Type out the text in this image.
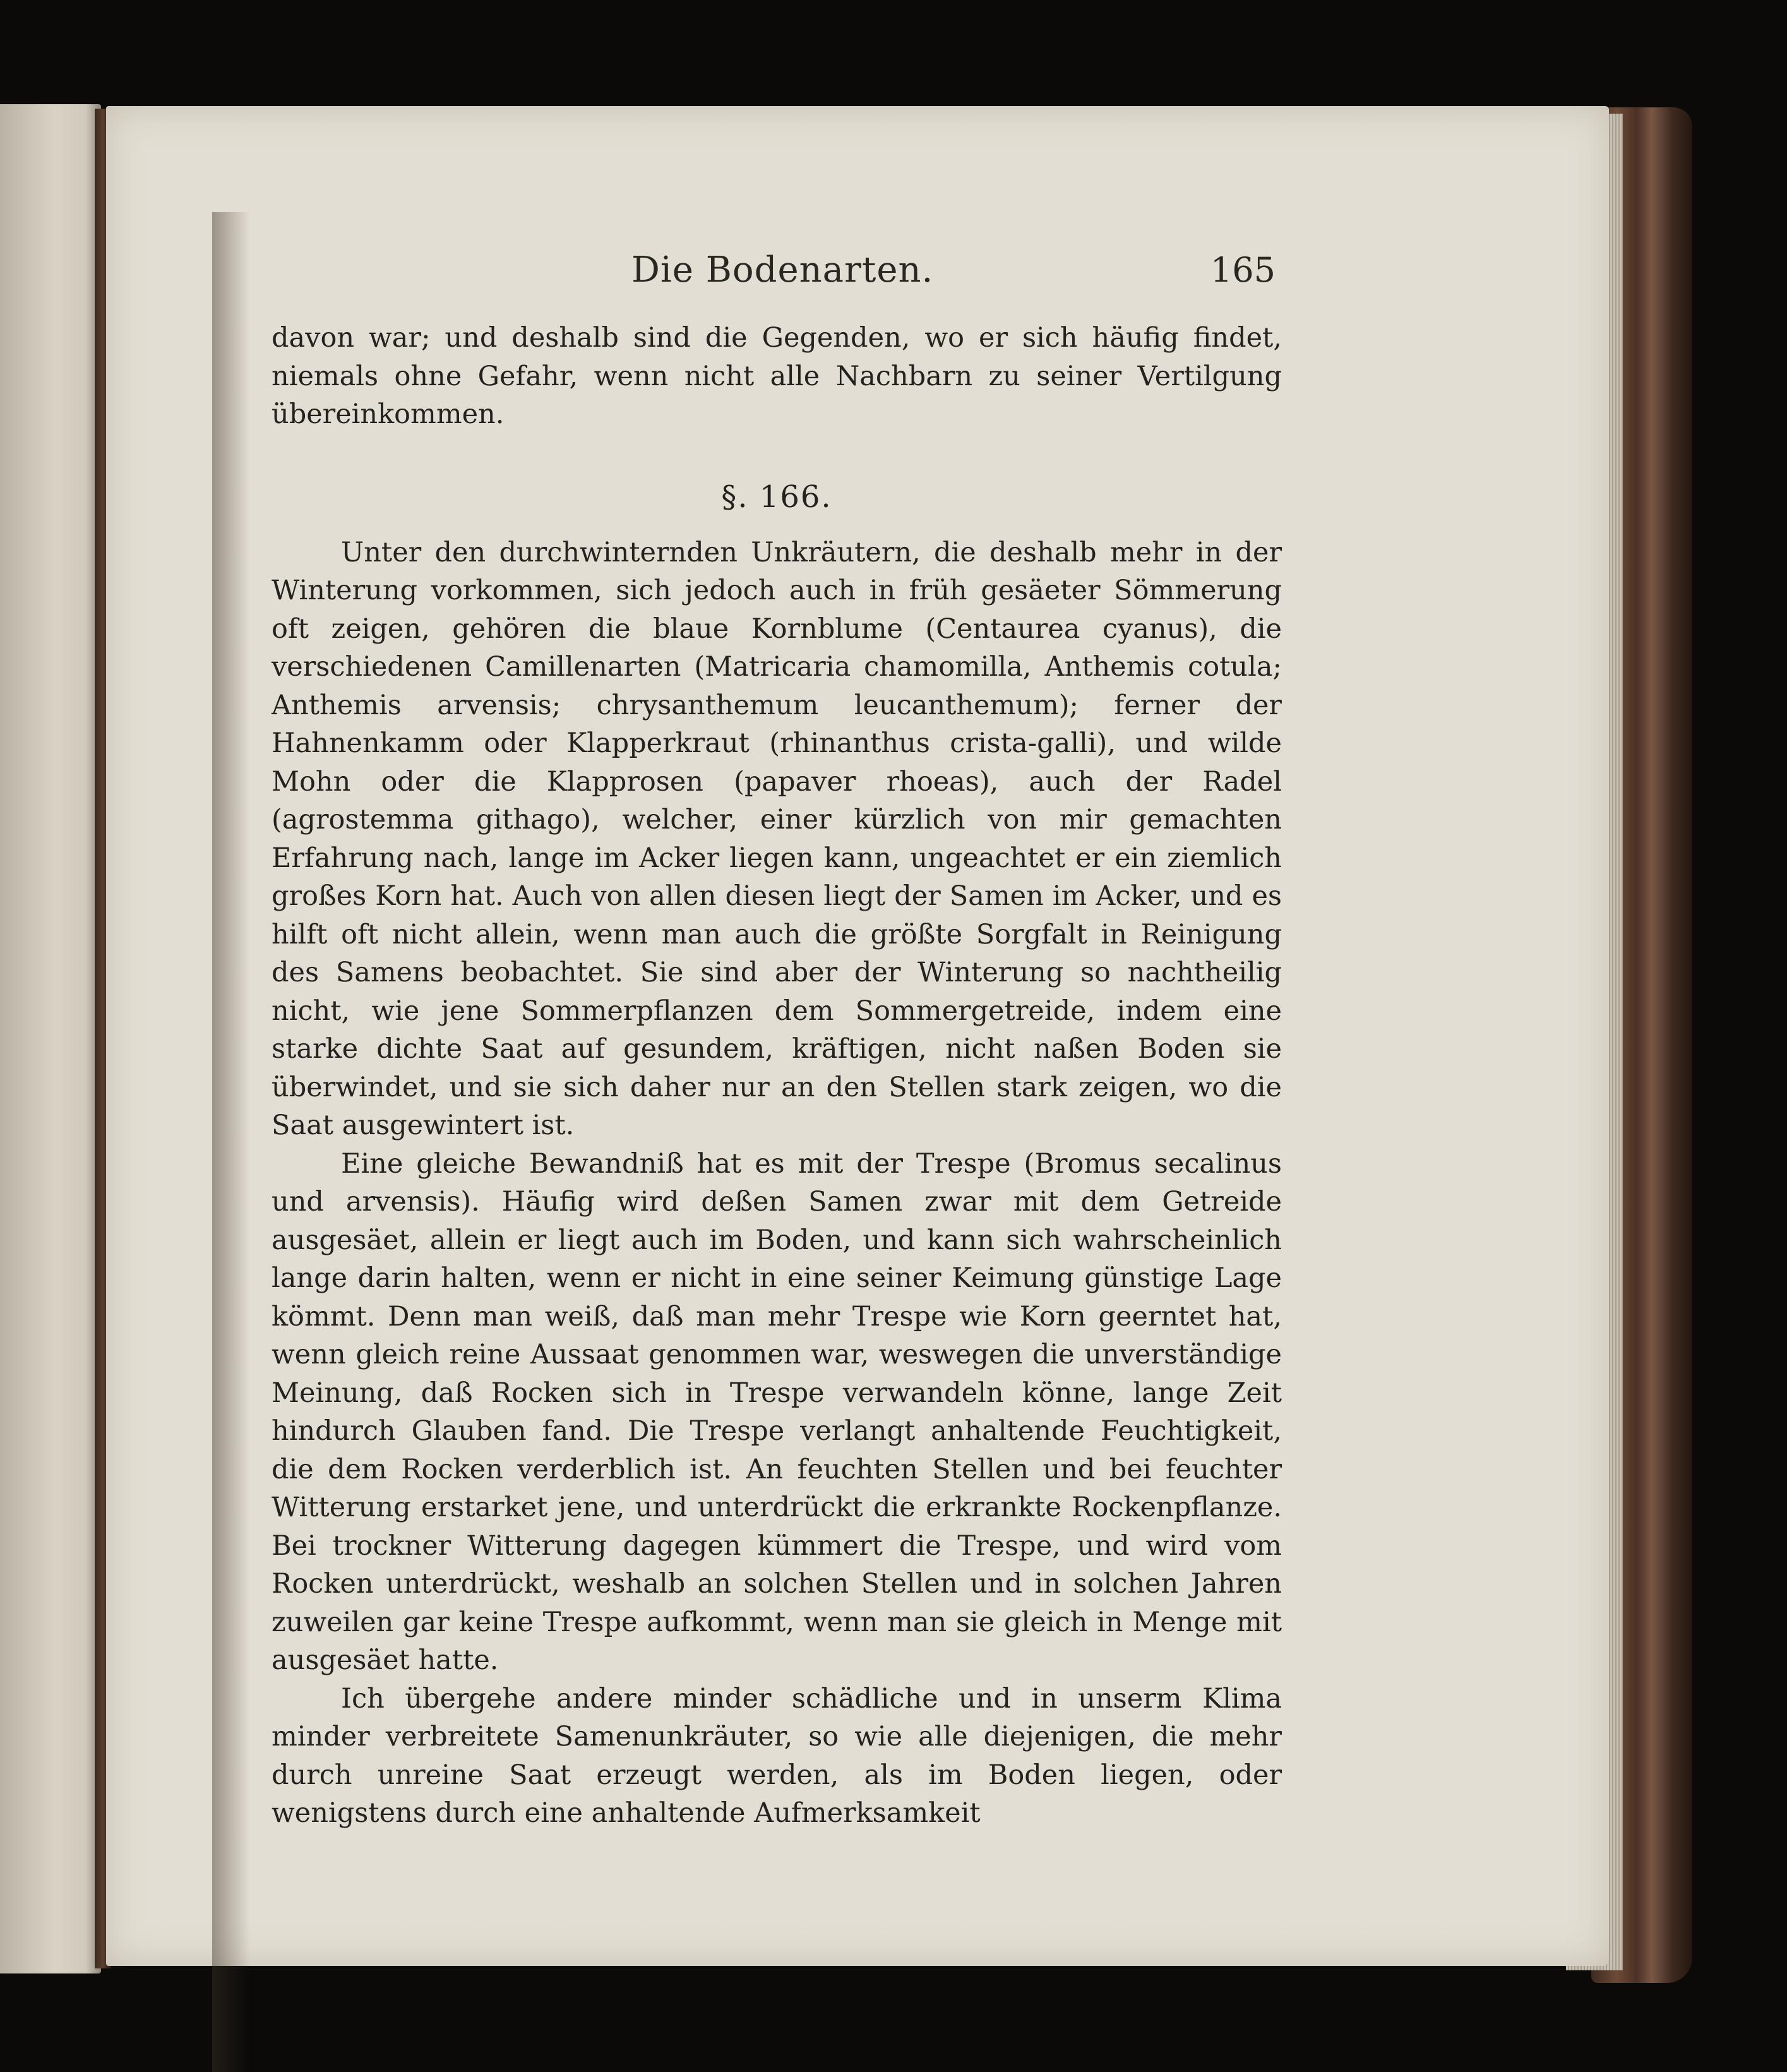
Die Bodenarten.	165

davon war; und deshalb sind die Gegenden, wo er sich häufig findet, niemals ohne Gefahr, wenn nicht alle Nachbarn zu seiner Vertilgung übereinkommen.

§. 166.

Unter den durchwinternden Unkräutern, die deshalb mehr in der Winterung vorkommen, sich jedoch auch in früh gesäeter Sömmerung oft zeigen, gehören die blaue Kornblume (Centaurea cyanus), die verschiedenen Camillenarten (Matricaria chamomilla, Anthemis cotula; Anthemis arvensis; chrysanthemum leucanthemum); ferner der Hahnenkamm oder Klapperkraut (rhinanthus crista-galli), und wilde Mohn oder die Klapprosen (papaver rhoeas), auch der Radel (agrostemma githago), welcher, einer kürzlich von mir gemachten Erfahrung nach, lange im Acker liegen kann, ungeachtet er ein ziemlich großes Korn hat. Auch von allen diesen liegt der Samen im Acker, und es hilft oft nicht allein, wenn man auch die größte Sorgfalt in Reinigung des Samens beobachtet. Sie sind aber der Winterung so nachtheilig nicht, wie jene Sommerpflanzen dem Sommergetreide, indem eine starke dichte Saat auf gesundem, kräftigen, nicht naßen Boden sie überwindet, und sie sich daher nur an den Stellen stark zeigen, wo die Saat ausgewintert ist.

Eine gleiche Bewandniß hat es mit der Trespe (Bromus secalinus und arvensis). Häufig wird deßen Samen zwar mit dem Getreide ausgesäet, allein er liegt auch im Boden, und kann sich wahrscheinlich lange darin halten, wenn er nicht in eine seiner Keimung günstige Lage kömmt. Denn man weiß, daß man mehr Trespe wie Korn geerntet hat, wenn gleich reine Aussaat genommen war, weswegen die unverständige Meinung, daß Rocken sich in Trespe verwandeln könne, lange Zeit hindurch Glauben fand. Die Trespe verlangt anhaltende Feuchtigkeit, die dem Rocken verderblich ist. An feuchten Stellen und bei feuchter Witterung erstarket jene, und unterdrückt die erkrankte Rockenpflanze. Bei trockner Witterung dagegen kümmert die Trespe, und wird vom Rocken unterdrückt, weshalb an solchen Stellen und in solchen Jahren zuweilen gar keine Trespe aufkommt, wenn man sie gleich in Menge mit ausgesäet hatte.

Ich übergehe andere minder schädliche und in unserm Klima minder verbreitete Samenunkräuter, so wie alle diejenigen, die mehr durch unreine Saat erzeugt werden, als im Boden liegen, oder wenigstens durch eine anhaltende Aufmerksamkeit
